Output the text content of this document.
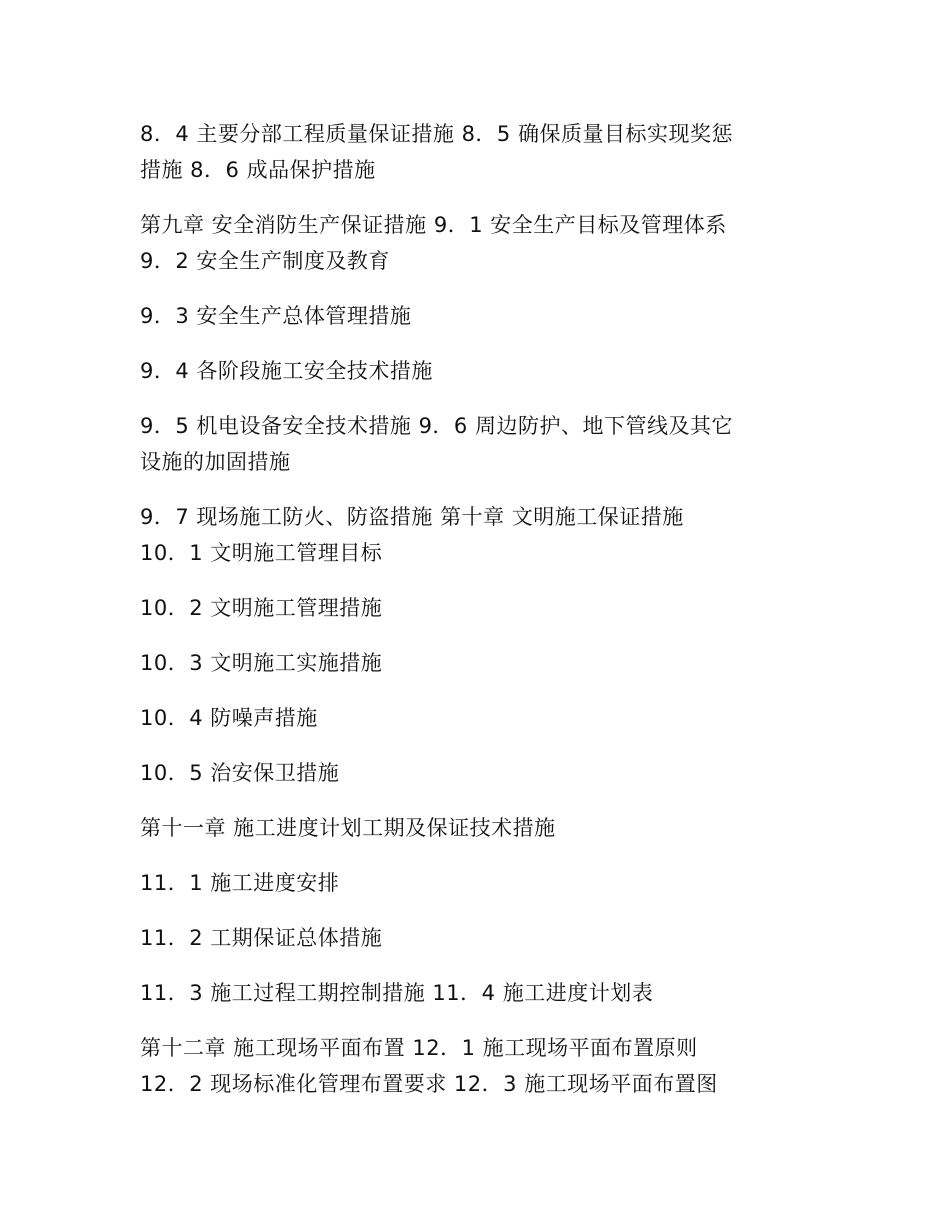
8．4 主要分部工程质量保证措施 8．5 确保质量目标实现奖惩
措施 8．6 成品保护措施

第九章 安全消防生产保证措施 9．1 安全生产目标及管理体系
9．2 安全生产制度及教育

9．3 安全生产总体管理措施

9．4 各阶段施工安全技术措施

9．5 机电设备安全技术措施 9．6 周边防护、地下管线及其它
设施的加固措施

9．7 现场施工防火、防盗措施 第十章 文明施工保证措施
10．1 文明施工管理目标

10．2 文明施工管理措施

10．3 文明施工实施措施

10．4 防噪声措施

10．5 治安保卫措施

第十一章 施工进度计划工期及保证技术措施

11．1 施工进度安排

11．2 工期保证总体措施

11．3 施工过程工期控制措施 11．4 施工进度计划表

第十二章 施工现场平面布置 12．1 施工现场平面布置原则
12．2 现场标准化管理布置要求 12．3 施工现场平面布置图
